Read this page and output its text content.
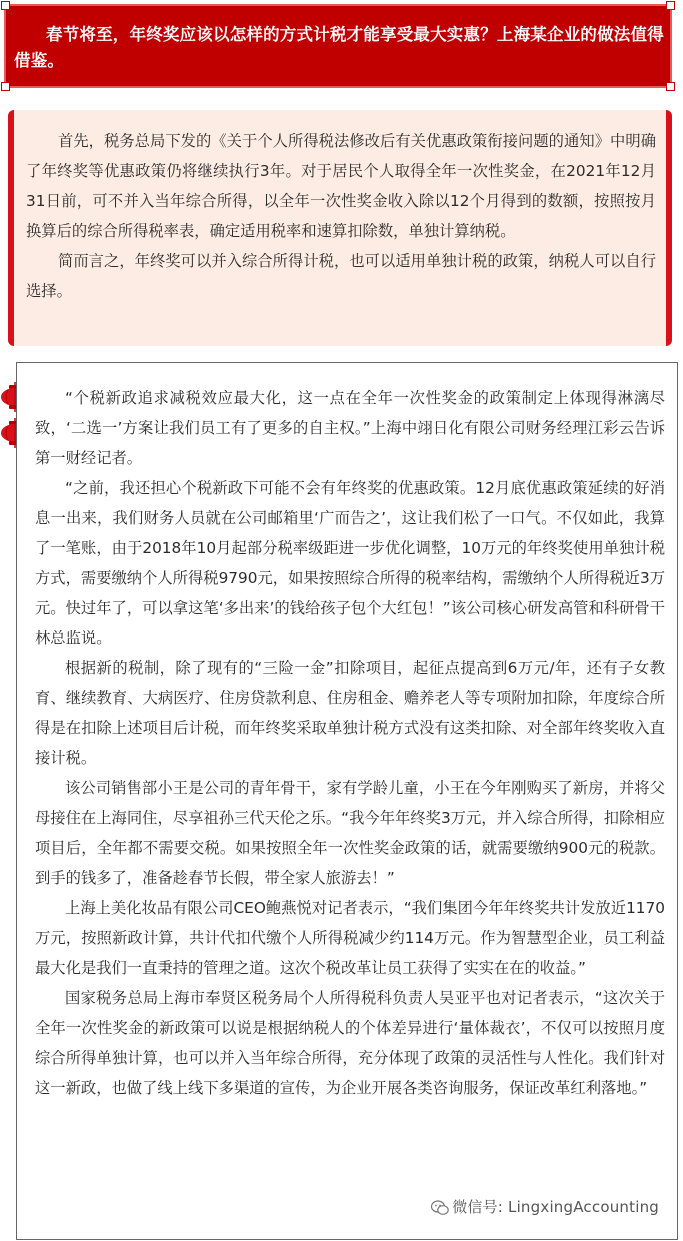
春节将至，年终奖应该以怎样的方式计税才能享受最大实惠？上海某企业的做法值得借鉴。

首先，税务总局下发的《关于个人所得税法修改后有关优惠政策衔接问题的通知》中明确了年终奖等优惠政策仍将继续执行3年。对于居民个人取得全年一次性奖金，在2021年12月31日前，可不并入当年综合所得，以全年一次性奖金收入除以12个月得到的数额，按照按月换算后的综合所得税率表，确定适用税率和速算扣除数，单独计算纳税。

简而言之，年终奖可以并入综合所得计税，也可以适用单独计税的政策，纳税人可以自行选择。

“个税新政追求减税效应最大化，这一点在全年一次性奖金的政策制定上体现得淋漓尽致，‘二选一’方案让我们员工有了更多的自主权。”上海中翊日化有限公司财务经理江彩云告诉第一财经记者。

“之前，我还担心个税新政下可能不会有年终奖的优惠政策。12月底优惠政策延续的好消息一出来，我们财务人员就在公司邮箱里‘广而告之’，这让我们松了一口气。不仅如此，我算了一笔账，由于2018年10月起部分税率级距进一步优化调整，10万元的年终奖使用单独计税方式，需要缴纳个人所得税9790元，如果按照综合所得的税率结构，需缴纳个人所得税近3万元。快过年了，可以拿这笔‘多出来’的钱给孩子包个大红包！”该公司核心研发高管和科研骨干林总监说。

根据新的税制，除了现有的“三险一金”扣除项目，起征点提高到6万元/年，还有子女教育、继续教育、大病医疗、住房贷款利息、住房租金、赡养老人等专项附加扣除，年度综合所得是在扣除上述项目后计税，而年终奖采取单独计税方式没有这类扣除、对全部年终奖收入直接计税。

该公司销售部小王是公司的青年骨干，家有学龄儿童，小王在今年刚购买了新房，并将父母接住在上海同住，尽享祖孙三代天伦之乐。“我今年年终奖3万元，并入综合所得，扣除相应项目后，全年都不需要交税。如果按照全年一次性奖金政策的话，就需要缴纳900元的税款。到手的钱多了，准备趁春节长假，带全家人旅游去！”

上海上美化妆品有限公司CEO鲍燕悦对记者表示，“我们集团今年年终奖共计发放近1170万元，按照新政计算，共计代扣代缴个人所得税减少约114万元。作为智慧型企业，员工利益最大化是我们一直秉持的管理之道。这次个税改革让员工获得了实实在在的收益。”

国家税务总局上海市奉贤区税务局个人所得税科负责人吴亚平也对记者表示，“这次关于全年一次性奖金的新政策可以说是根据纳税人的个体差异进行‘量体裁衣’，不仅可以按照月度综合所得单独计算，也可以并入当年综合所得，充分体现了政策的灵活性与人性化。我们针对这一新政，也做了线上线下多渠道的宣传，为企业开展各类咨询服务，保证改革红利落地。”

微信号: LingxingAccounting
